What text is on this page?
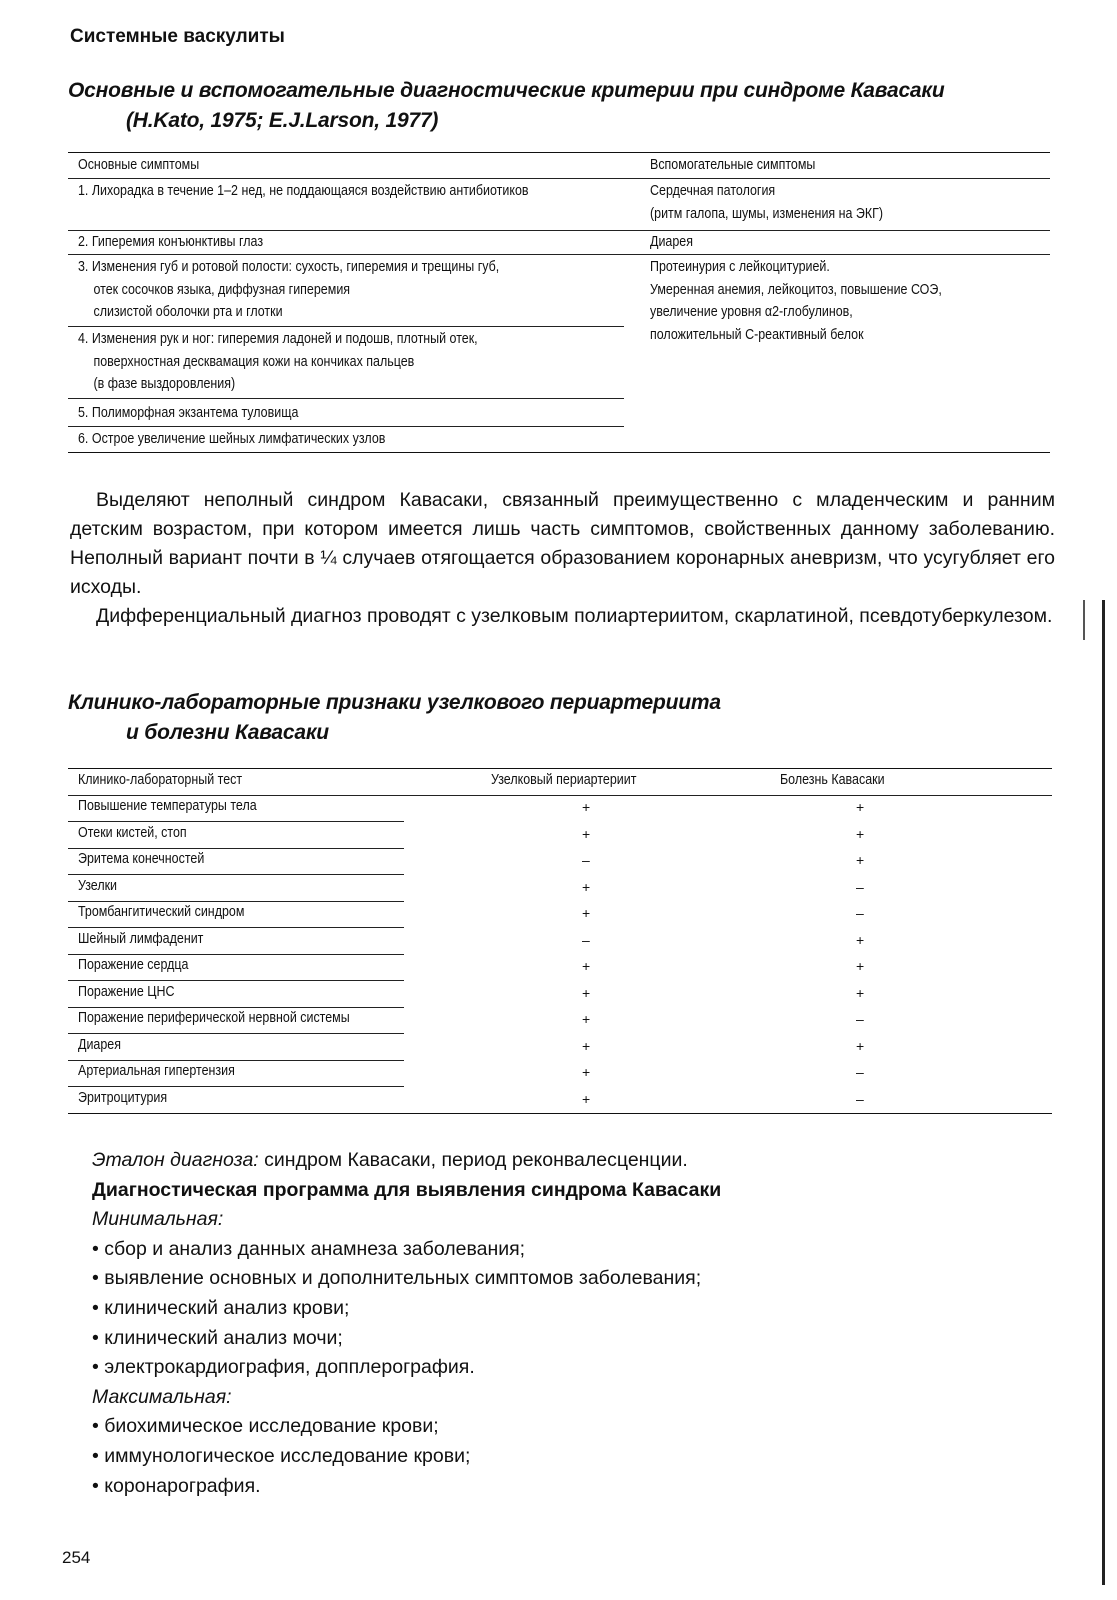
Системные васкулиты
Основные и вспомогательные диагностические критерии при синдроме Кавасаки
(H.Kato, 1975; E.J.Larson, 1977)
Основные симптомы	Вспомогательные симптомы
1. Лихорадка в течение 1–2 нед, не поддающаяся воздействию антибиотиков	Сердечная патология
(ритм галопа, шумы, изменения на ЭКГ)
2. Гиперемия конъюнктивы глаз	Диарея
3. Изменения губ и ротовой полости: сухость, гиперемия и трещины губ,
отек сосочков языка, диффузная гиперемия
слизистой оболочки рта и глотки
Протеинурия с лейкоцитурией.
Умеренная анемия, лейкоцитоз, повышение СОЭ,
увеличение уровня α2-глобулинов,
положительный С-реактивный белок
4. Изменения рук и ног: гиперемия ладоней и подошв, плотный отек,
поверхностная десквамация кожи на кончиках пальцев
(в фазе выздоровления)
5. Полиморфная экзантема туловища
6. Острое увеличение шейных лимфатических узлов
Выделяют неполный синдром Кавасаки, связанный преимущественно с младенческим и ранним детским возрастом, при котором имеется лишь часть симптомов, свойственных данному заболеванию. Неполный вариант почти в ¼ случаев отягощается образованием коронарных аневризм, что усугубляет его исходы.
Дифференциальный диагноз проводят с узелковым полиартериитом, скарлатиной, псевдотуберкулезом.
Клинико-лабораторные признаки узелкового периартериита
и болезни Кавасаки
Клинико-лабораторный тест	Узелковый периартериит	Болезнь Кавасаки
Повышение температуры тела	+	+
Отеки кистей, стоп	+	+
Эритема конечностей	–	+
Узелки	+	–
Тромбангитический синдром	+	–
Шейный лимфаденит	–	+
Поражение сердца	+	+
Поражение ЦНС	+	+
Поражение периферической нервной системы	+	–
Диарея	+	+
Артериальная гипертензия	+	–
Эритроцитурия	+	–
Эталон диагноза: синдром Кавасаки, период реконвалесценции.
Диагностическая программа для выявления синдрома Кавасаки
Минимальная:
• сбор и анализ данных анамнеза заболевания;
• выявление основных и дополнительных симптомов заболевания;
• клинический анализ крови;
• клинический анализ мочи;
• электрокардиография, допплерография.
Максимальная:
• биохимическое исследование крови;
• иммунологическое исследование крови;
• коронарография.
254
